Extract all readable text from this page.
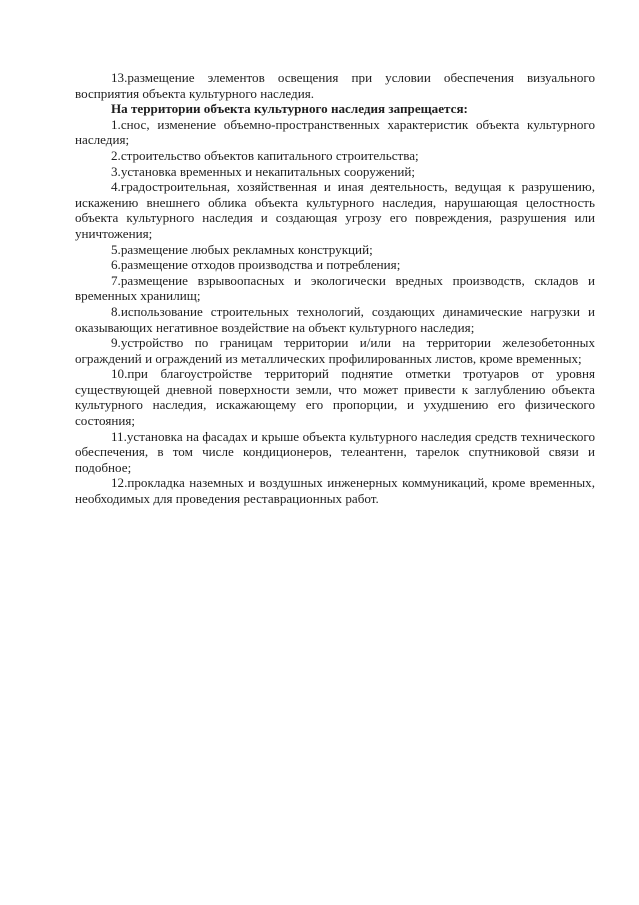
13.размещение элементов освещения при условии обеспечения визуального восприятия объекта культурного наследия.

На территории объекта культурного наследия запрещается:

1.снос, изменение объемно-пространственных характеристик объекта культурного наследия;

2.строительство объектов капитального строительства;

3.установка временных и некапитальных сооружений;

4.градостроительная, хозяйственная и иная деятельность, ведущая к разрушению, искажению внешнего облика объекта культурного наследия, нарушающая целостность объекта культурного наследия и создающая угрозу его повреждения, разрушения или уничтожения;

5.размещение любых рекламных конструкций;

6.размещение отходов производства и потребления;

7.размещение взрывоопасных и экологически вредных производств, складов и временных хранилищ;

8.использование строительных технологий, создающих динамические нагрузки и оказывающих негативное воздействие на объект культурного наследия;

9.устройство по границам территории и/или на территории железобетонных ограждений и ограждений из металлических профилированных листов, кроме временных;

10.при благоустройстве территорий поднятие отметки тротуаров от уровня существующей дневной поверхности земли, что может привести к заглублению объекта культурного наследия, искажающему его пропорции, и ухудшению его физического состояния;

11.установка на фасадах и крыше объекта культурного наследия средств технического обеспечения, в том числе кондиционеров, телеантенн, тарелок спутниковой связи и подобное;

12.прокладка наземных и воздушных инженерных коммуникаций, кроме временных, необходимых для проведения реставрационных работ.
